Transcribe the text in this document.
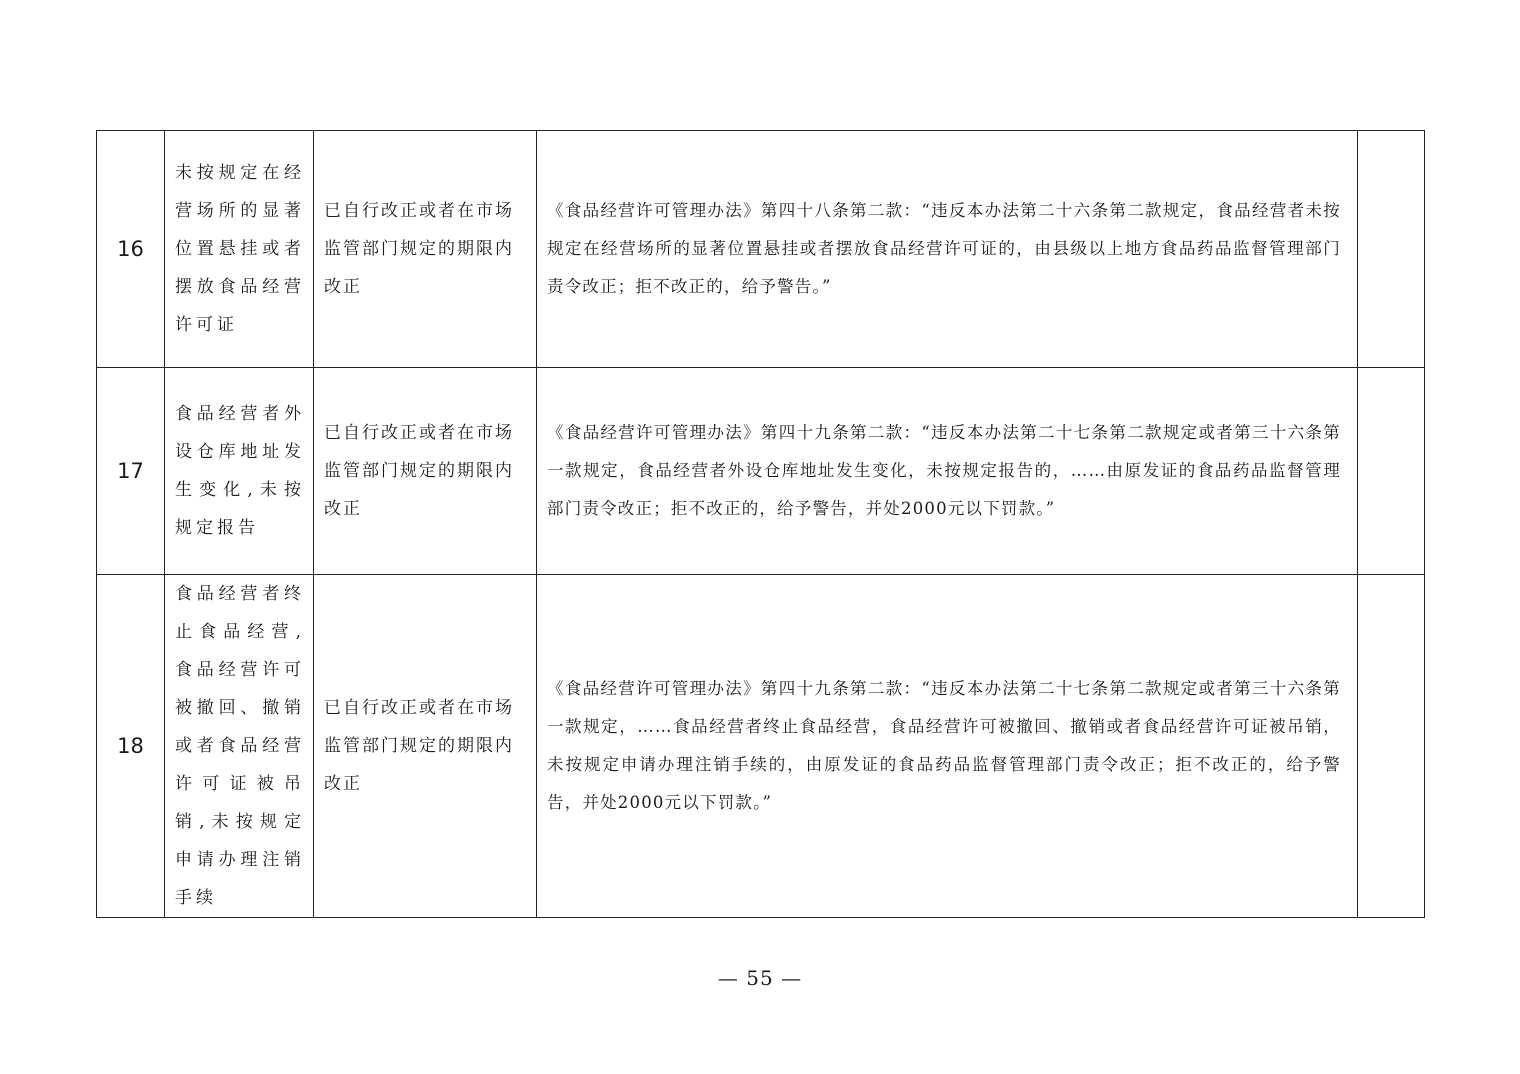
16	未按规定在经营场所的显著位置悬挂或者摆放食品经营许可证	已自行改正或者在市场监管部门规定的期限内改正	《食品经营许可管理办法》第四十八条第二款：“违反本办法第二十六条第二款规定，食品经营者未按规定在经营场所的显著位置悬挂或者摆放食品经营许可证的，由县级以上地方食品药品监督管理部门责令改正；拒不改正的，给予警告。”	
17	食品经营者外设仓库地址发生变化,未按规定报告	已自行改正或者在市场监管部门规定的期限内改正	《食品经营许可管理办法》第四十九条第二款：“违反本办法第二十七条第二款规定或者第三十六条第一款规定，食品经营者外设仓库地址发生变化，未按规定报告的，……由原发证的食品药品监督管理部门责令改正；拒不改正的，给予警告，并处2000元以下罚款。”	
18	食品经营者终止食品经营,食品经营许可被撤回、撤销或者食品经营许可证被吊销,未按规定申请办理注销手续	已自行改正或者在市场监管部门规定的期限内改正	《食品经营许可管理办法》第四十九条第二款：“违反本办法第二十七条第二款规定或者第三十六条第一款规定，……食品经营者终止食品经营，食品经营许可被撤回、撤销或者食品经营许可证被吊销，未按规定申请办理注销手续的，由原发证的食品药品监督管理部门责令改正；拒不改正的，给予警告，并处2000元以下罚款。”	
— 55 —
